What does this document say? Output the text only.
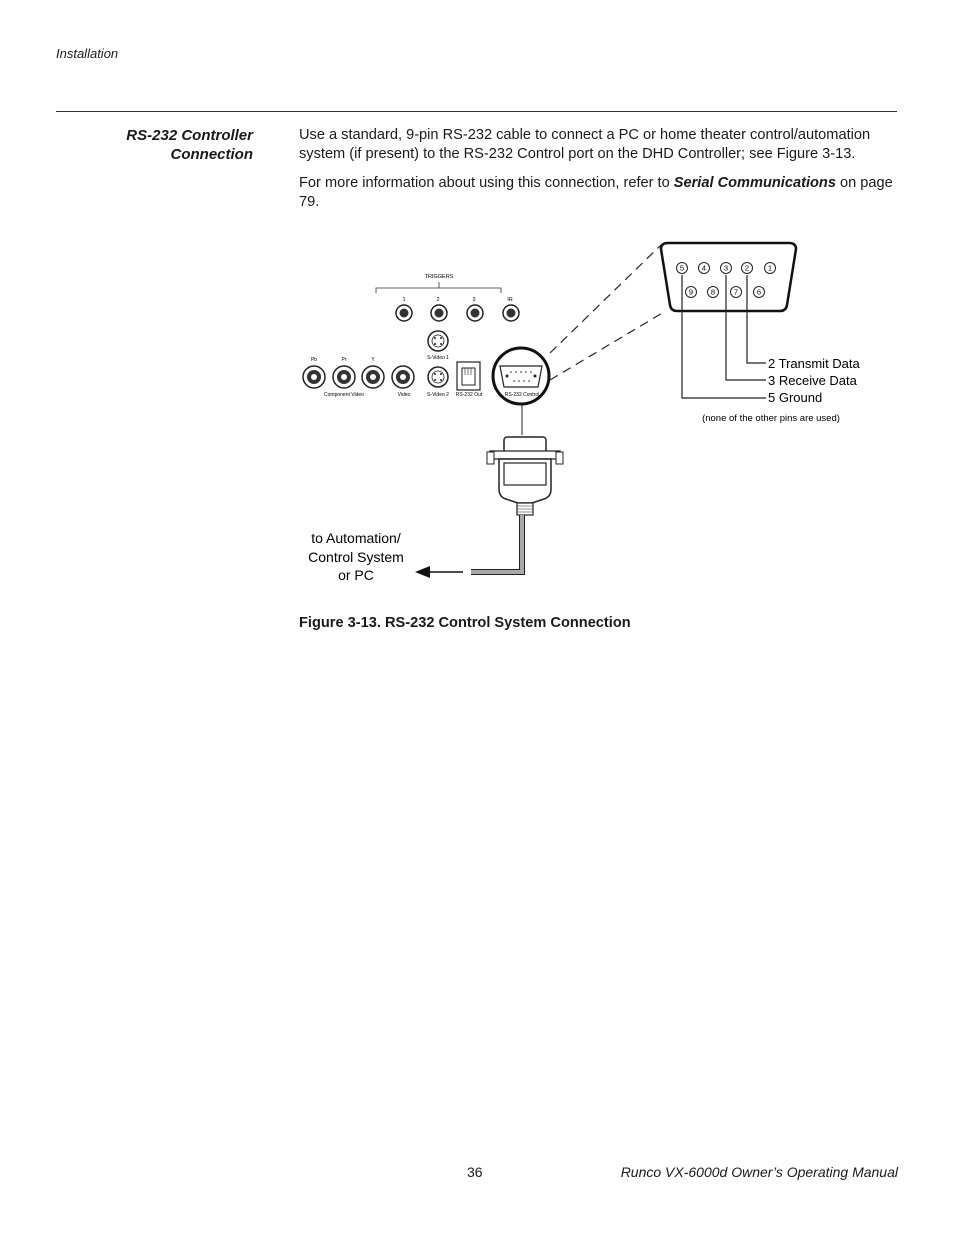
Installation
RS-232 Controller
Connection
Use a standard, 9-pin RS-232 cable to connect a PC or home theater control/automation system (if present) to the RS-232 Control port on the DHD Controller; see Figure 3-13.
For more information about using this connection, refer to Serial Communications on page 79.
TRIGGERS
1	2	3	IR
S-Video 1
Pb	Pr	Y
Component Video	Video	S-Video 2 RS-232 Out	RS-232 Control
5 4 3 2	1
9 8	7	6
2 Transmit Data
3 Receive Data
5 Ground
(none of the other pins are used)
to Automation/
Control System
or PC
Figure 3-13. RS-232 Control System Connection
36	Runco VX-6000d Owner’s Operating Manual
